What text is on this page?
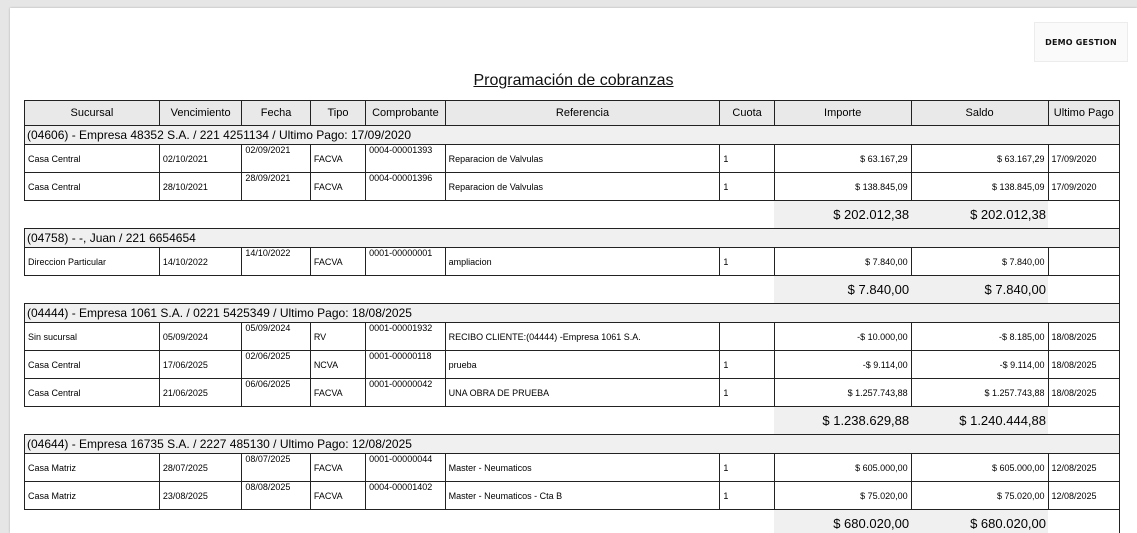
DEMO GESTION
Programación de cobranzas
Sucursal	Vencimiento	Fecha	Tipo	Comprobante	Referencia	Cuota	Importe	Saldo	Ultimo Pago
(04606) - Empresa 48352 S.A. / 221 4251134 / Ultimo Pago: 17/09/2020									
Casa Central	02/10/2021	02/09/2021	FACVA	0004-00001393	Reparacion de Valvulas	1	$ 63.167,29	$ 63.167,29	17/09/2020
Casa Central	28/10/2021	28/09/2021	FACVA	0004-00001396	Reparacion de Valvulas	1	$ 138.845,09	$ 138.845,09	17/09/2020
							$ 202.012,38	$ 202.012,38	
(04758) - -, Juan / 221 6654654									
Direccion Particular	14/10/2022	14/10/2022	FACVA	0001-00000001	ampliacion	1	$ 7.840,00	$ 7.840,00	
							$ 7.840,00	$ 7.840,00	
(04444) - Empresa 1061 S.A. / 0221 5425349 / Ultimo Pago: 18/08/2025									
Sin sucursal	05/09/2024	05/09/2024	RV	0001-00001932	RECIBO CLIENTE:(04444) -Empresa 1061 S.A.		-$ 10.000,00	-$ 8.185,00	18/08/2025
Casa Central	17/06/2025	02/06/2025	NCVA	0001-00000118	prueba	1	-$ 9.114,00	-$ 9.114,00	18/08/2025
Casa Central	21/06/2025	06/06/2025	FACVA	0001-00000042	UNA OBRA DE PRUEBA	1	$ 1.257.743,88	$ 1.257.743,88	18/08/2025
							$ 1.238.629,88	$ 1.240.444,88	
(04644) - Empresa 16735 S.A. / 2227 485130 / Ultimo Pago: 12/08/2025									
Casa Matriz	28/07/2025	08/07/2025	FACVA	0001-00000044	Master - Neumaticos	1	$ 605.000,00	$ 605.000,00	12/08/2025
Casa Matriz	23/08/2025	08/08/2025	FACVA	0004-00001402	Master - Neumaticos - Cta B	1	$ 75.020,00	$ 75.020,00	12/08/2025
							$ 680.020,00	$ 680.020,00	
